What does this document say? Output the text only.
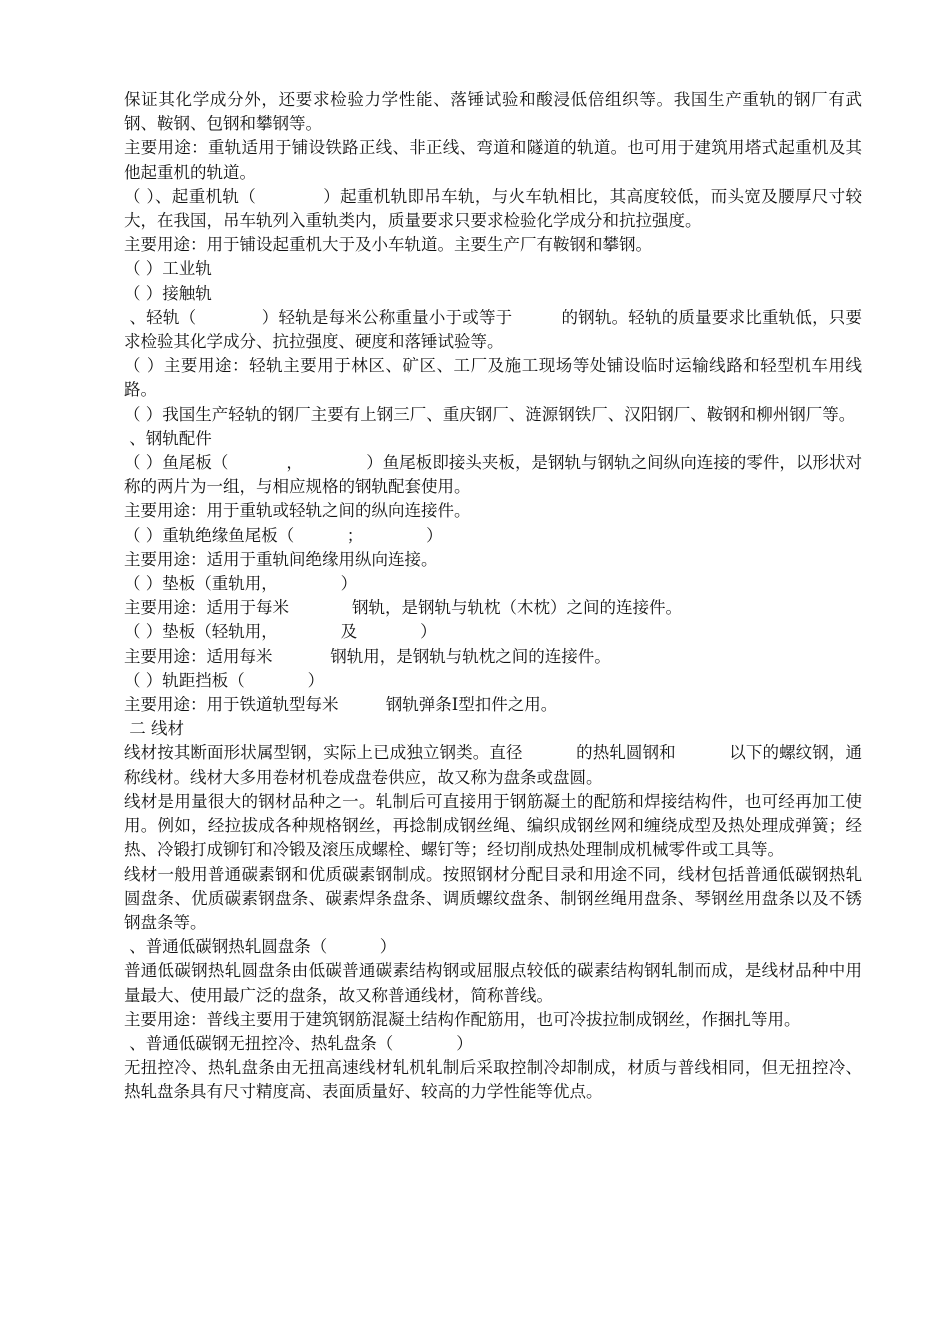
保证其化学成分外，还要求检验力学性能、落锤试验和酸浸低倍组织等。我国生产重轨的钢厂有武钢、鞍钢、包钢和攀钢等。

主要用途：重轨适用于铺设铁路正线、非正线、弯道和隧道的轨道。也可用于建筑用塔式起重机及其他起重机的轨道。

（ ）、起重机轨（            ）起重机轨即吊车轨，与火车轨相比，其高度较低，而头宽及腰厚尺寸较大，在我国，吊车轨列入重轨类内，质量要求只要求检验化学成分和抗拉强度。

主要用途：用于铺设起重机大于及小车轨道。主要生产厂有鞍钢和攀钢。

（ ）工业轨

（ ）接触轨

、轻轨（            ）轻轨是每米公称重量小于或等于         的钢轨。轻轨的质量要求比重轨低，只要求检验其化学成分、抗拉强度、硬度和落锤试验等。

（ ）主要用途：轻轨主要用于林区、矿区、工厂及施工现场等处铺设临时运输线路和轻型机车用线路。

（ ）我国生产轻轨的钢厂主要有上钢三厂、重庆钢厂、涟源钢铁厂、汉阳钢厂、鞍钢和柳州钢厂等。

、钢轨配件

（ ）鱼尾板（           ，            ）鱼尾板即接头夹板，是钢轨与钢轨之间纵向连接的零件，以形状对称的两片为一组，与相应规格的钢轨配套使用。

主要用途：用于重轨或轻轨之间的纵向连接件。

（ ）重轨绝缘鱼尾板（          ；            ）

主要用途：适用于重轨间绝缘用纵向连接。

（ ）垫板（重轨用，            ）

主要用途：适用于每米            钢轨，是钢轨与轨枕（木枕）之间的连接件。

（ ）垫板（轻轨用，            及            ）

主要用途：适用每米           钢轨用，是钢轨与轨枕之间的连接件。

（ ）轨距挡板（            ）

主要用途：用于铁道轨型每米         钢轨弹条Ⅰ型扣件之用。

二 线材

线材按其断面形状属型钢，实际上已成独立钢类。直径          的热轧圆钢和          以下的螺纹钢，通称线材。线材大多用卷材机卷成盘卷供应，故又称为盘条或盘圆。

线材是用量很大的钢材品种之一。轧制后可直接用于钢筋凝土的配筋和焊接结构件，也可经再加工使用。例如，经拉拔成各种规格钢丝，再捻制成钢丝绳、编织成钢丝网和缠绕成型及热处理成弹簧；经热、冷锻打成铆钉和冷锻及滚压成螺栓、螺钉等；经切削成热处理制成机械零件或工具等。

线材一般用普通碳素钢和优质碳素钢制成。按照钢材分配目录和用途不同，线材包括普通低碳钢热轧圆盘条、优质碳素钢盘条、碳素焊条盘条、调质螺纹盘条、制钢丝绳用盘条、琴钢丝用盘条以及不锈钢盘条等。

、普通低碳钢热轧圆盘条（          ）

普通低碳钢热轧圆盘条由低碳普通碳素结构钢或屈服点较低的碳素结构钢轧制而成，是线材品种中用量最大、使用最广泛的盘条，故又称普通线材，简称普线。

主要用途：普线主要用于建筑钢筋混凝土结构作配筋用，也可冷拔拉制成钢丝，作捆扎等用。

、普通低碳钢无扭控冷、热轧盘条（            ）

无扭控冷、热轧盘条由无扭高速线材轧机轧制后采取控制冷却制成，材质与普线相同，但无扭控冷、热轧盘条具有尺寸精度高、表面质量好、较高的力学性能等优点。
